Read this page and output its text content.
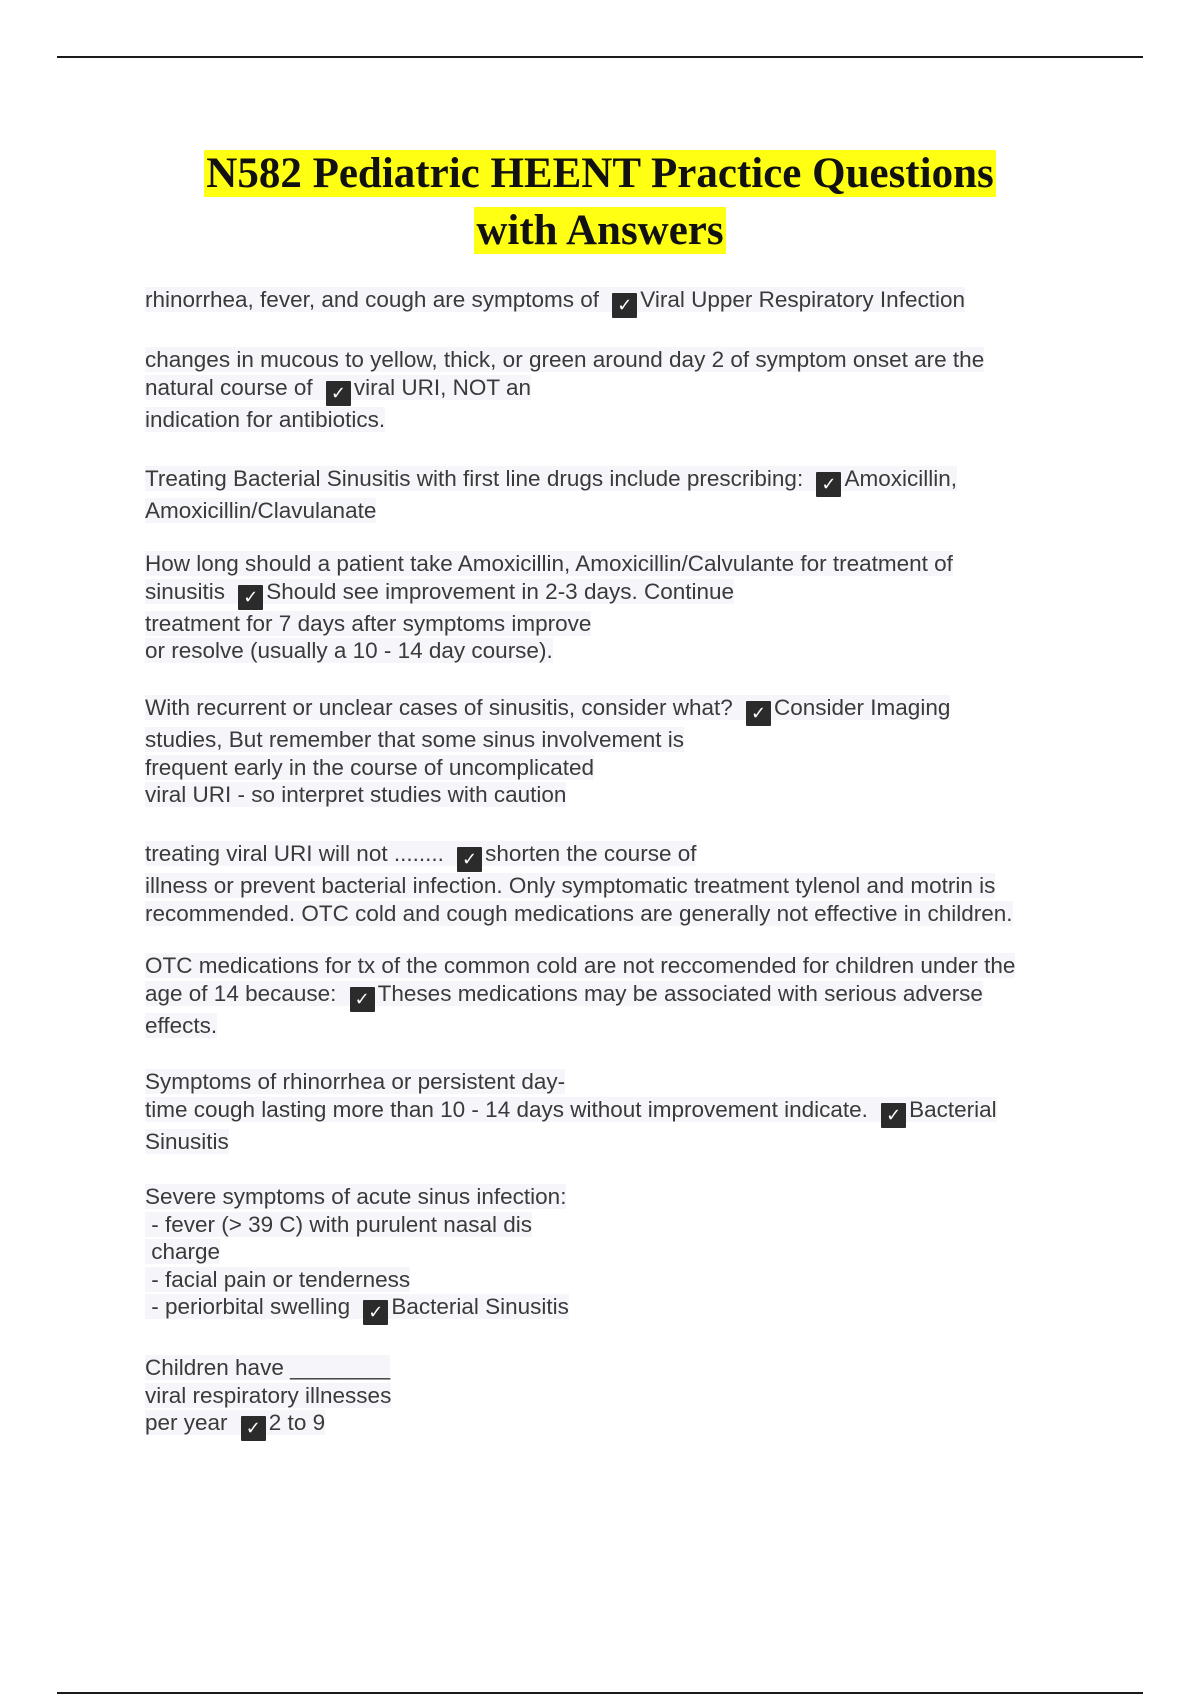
N582 Pediatric HEENT Practice Questions
with Answers
rhinorrhea, fever, and cough are symptoms of ✓ Viral Upper Respiratory Infection
changes in mucous to yellow, thick, or green around day 2 of symptom onset are the
natural course of ✓ viral URI, NOT an
indication for antibiotics.
Treating Bacterial Sinusitis with first line drugs include prescribing: ✓ Amoxicillin,
Amoxicillin/Clavulanate
How long should a patient take Amoxicillin, Amoxicillin/Calvulante for treatment of
sinusitis ✓ Should see improvement in 2-3 days. Continue
treatment for 7 days after symptoms improve
or resolve (usually a 10 - 14 day course).
With recurrent or unclear cases of sinusitis, consider what? ✓ Consider Imaging
studies, But remember that some sinus involvement is
frequent early in the course of uncomplicated
viral URI - so interpret studies with caution
treating viral URI will not ........ ✓ shorten the course of
illness or prevent bacterial infection. Only symptomatic treatment tylenol and motrin is
recommended. OTC cold and cough medications are generally not effective in children.
OTC medications for tx of the common cold are not reccomended for children under the
age of 14 because: ✓ Theses medications may be associated with serious adverse
effects.
Symptoms of rhinorrhea or persistent day-
time cough lasting more than 10 - 14 days without improvement indicate. ✓ Bacterial
Sinusitis
Severe symptoms of acute sinus infection:
- fever (> 39 C) with purulent nasal dis
charge
- facial pain or tenderness
- periorbital swelling ✓ Bacterial Sinusitis
Children have ________
viral respiratory illnesses
per year ✓ 2 to 9
